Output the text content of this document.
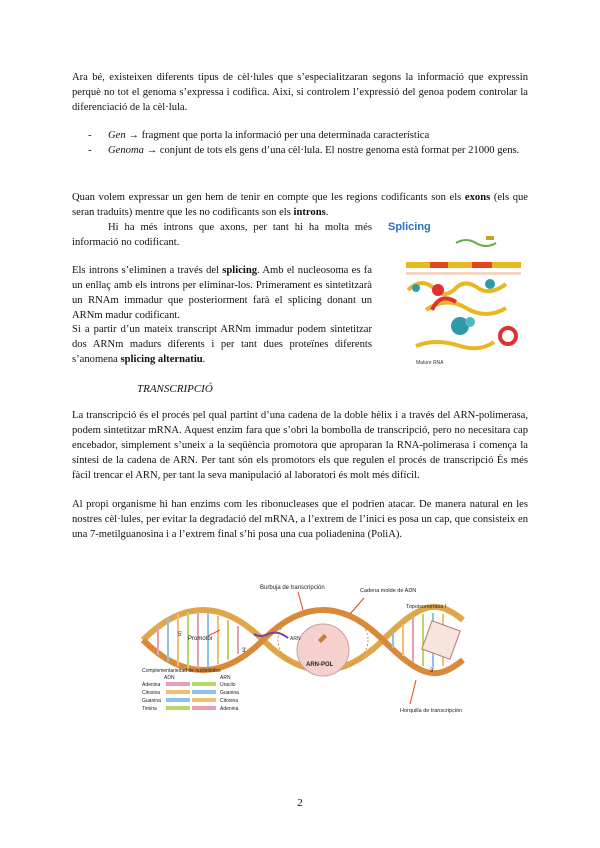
Ara bé, existeixen diferents tipus de cèl·lules que s’especialitzaran segons la informació que expressin perquè no tot el genoma s’expressa i codifica. Així, si controlem l’expressió del genoa podem controlar la diferenciació de la cèl·lula.

-	Gen → fragment que porta la informació per una determinada característica
-	Genoma → conjunt de tots els gens d’una cèl·lula. El nostre genoma està format per 21000 gens.

Quan volem expressar un gen hem de tenir en compte que les regions codificants son els exons (els que seran traduits) mentre que les no codificants son els introns.

Hi ha més introns que axons, per tant hi ha molta més informació no codificant.

Els introns s’eliminen a través del splicing. Amb el nucleosoma es fa un enllaç amb els introns per eliminar-los. Primerament es sintetitzarà un RNAm immadur que posteriorment farà el splicing donant un ARNm madur codificant.

Si a partir d’un mateix transcript ARNm immadur podem sintetitzar dos ARNm madurs diferents i per tant dues proteïnes diferents s’anomena splicing alternatiu.

Splicing
Mature RNA
TRANSCRIPCIÓ

La transcripció és el procés pel qual partint d’una cadena de la doble hèlix i a través del ARN-polimerasa, podem sintetitzar mRNA. Aquest enzim fara que s’obri la bombolla de transcripció, pero no necesitara cap encebador, simplement s’uneix a la seqüència promotora que aproparan la RNA-polimerasa i comença la síntesi de la cadena de ARN. Per tant són els promotors els que regulen el procés de transcripció És més fàcil trencar el ARN, per tant la seva manipulació al laboratori és molt més difícil.

Al propi organisme hi han enzims com les ribonucleases que el podrien atacar. De manera natural en les nostres cèl·lules, per evitar la degradació del mRNA, a l’extrem de l’inici es posa un cap, que consisteix en una 7-metilguanosina i a l’extrem final s’hi posa una cua poliadenina (PoliA).

ARN-POL
ARN
Burbuja de transcripción	Cadena molde de ADN
Topoisomerasa I
5'
3'
3'
Promotor
Horquilla de transcripción
Complementariedad de nucleótidos
ADN	ARN
Adenina	Uracilo
Citosina	Guanina
Guanina	Citosina
Timina	Adenina
2
